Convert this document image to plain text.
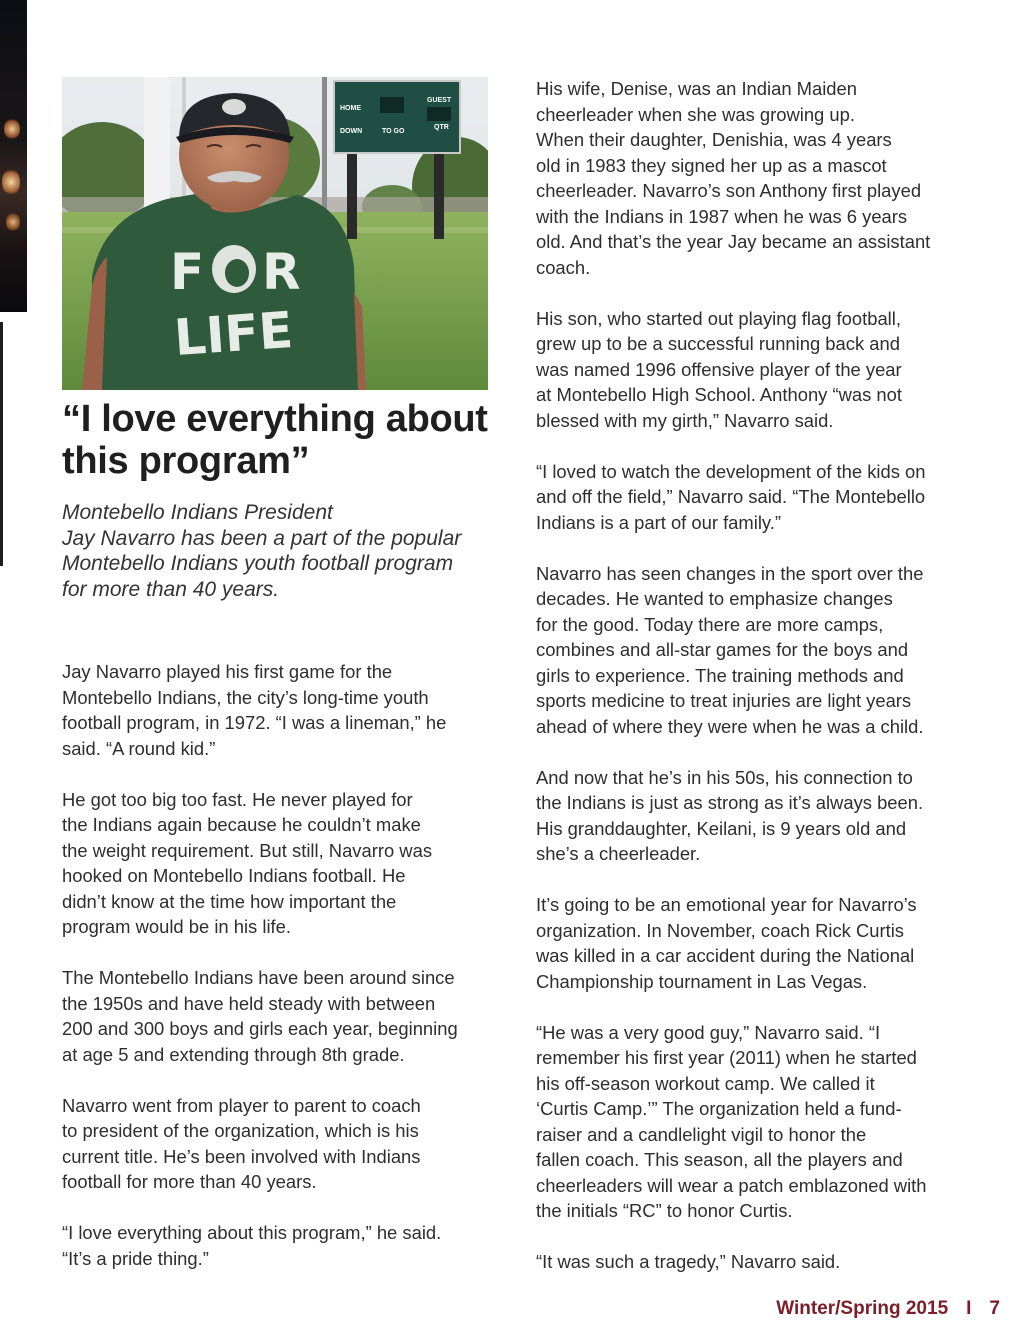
HOME
GUEST
DOWN	TO GO
QTR
F R
LIFE
“I love everything about this program”

Montebello Indians President
Jay Navarro has been a part of the popular Montebello Indians youth football program for more than 40 years.

Jay Navarro played his first game for the
Montebello Indians, the city’s long-time youth
football program, in 1972. “I was a lineman,” he
said. “A round kid.”

He got too big too fast. He never played for
the Indians again because he couldn’t make
the weight requirement. But still, Navarro was
hooked on Montebello Indians football. He
didn’t know at the time how important the
program would be in his life.

The Montebello Indians have been around since
the 1950s and have held steady with between
200 and 300 boys and girls each year, beginning
at age 5 and extending through 8th grade.

Navarro went from player to parent to coach
to president of the organization, which is his
current title. He’s been involved with Indians
football for more than 40 years.

“I love everything about this program,” he said.
“It’s a pride thing.”

His wife, Denise, was an Indian Maiden
cheerleader when she was growing up.
When their daughter, Denishia, was 4 years
old in 1983 they signed her up as a mascot
cheerleader. Navarro’s son Anthony first played
with the Indians in 1987 when he was 6 years
old. And that’s the year Jay became an assistant
coach.

His son, who started out playing flag football,
grew up to be a successful running back and
was named 1996 offensive player of the year
at Montebello High School. Anthony “was not
blessed with my girth,” Navarro said.

“I loved to watch the development of the kids on
and off the field,” Navarro said. “The Montebello
Indians is a part of our family.”

Navarro has seen changes in the sport over the
decades. He wanted to emphasize changes
for the good. Today there are more camps,
combines and all-star games for the boys and
girls to experience. The training methods and
sports medicine to treat injuries are light years
ahead of where they were when he was a child.

And now that he’s in his 50s, his connection to
the Indians is just as strong as it’s always been.
His granddaughter, Keilani, is 9 years old and
she’s a cheerleader.

It’s going to be an emotional year for Navarro’s
organization. In November, coach Rick Curtis
was killed in a car accident during the National
Championship tournament in Las Vegas.

“He was a very good guy,” Navarro said. “I
remember his first year (2011) when he started
his off-season workout camp. We called it
‘Curtis Camp.’” The organization held a fund-
raiser and a candlelight vigil to honor the
fallen coach. This season, all the players and
cheerleaders will wear a patch emblazoned with
the initials “RC” to honor Curtis.

“It was such a tragedy,” Navarro said.

Winter/Spring 2015 I 7
